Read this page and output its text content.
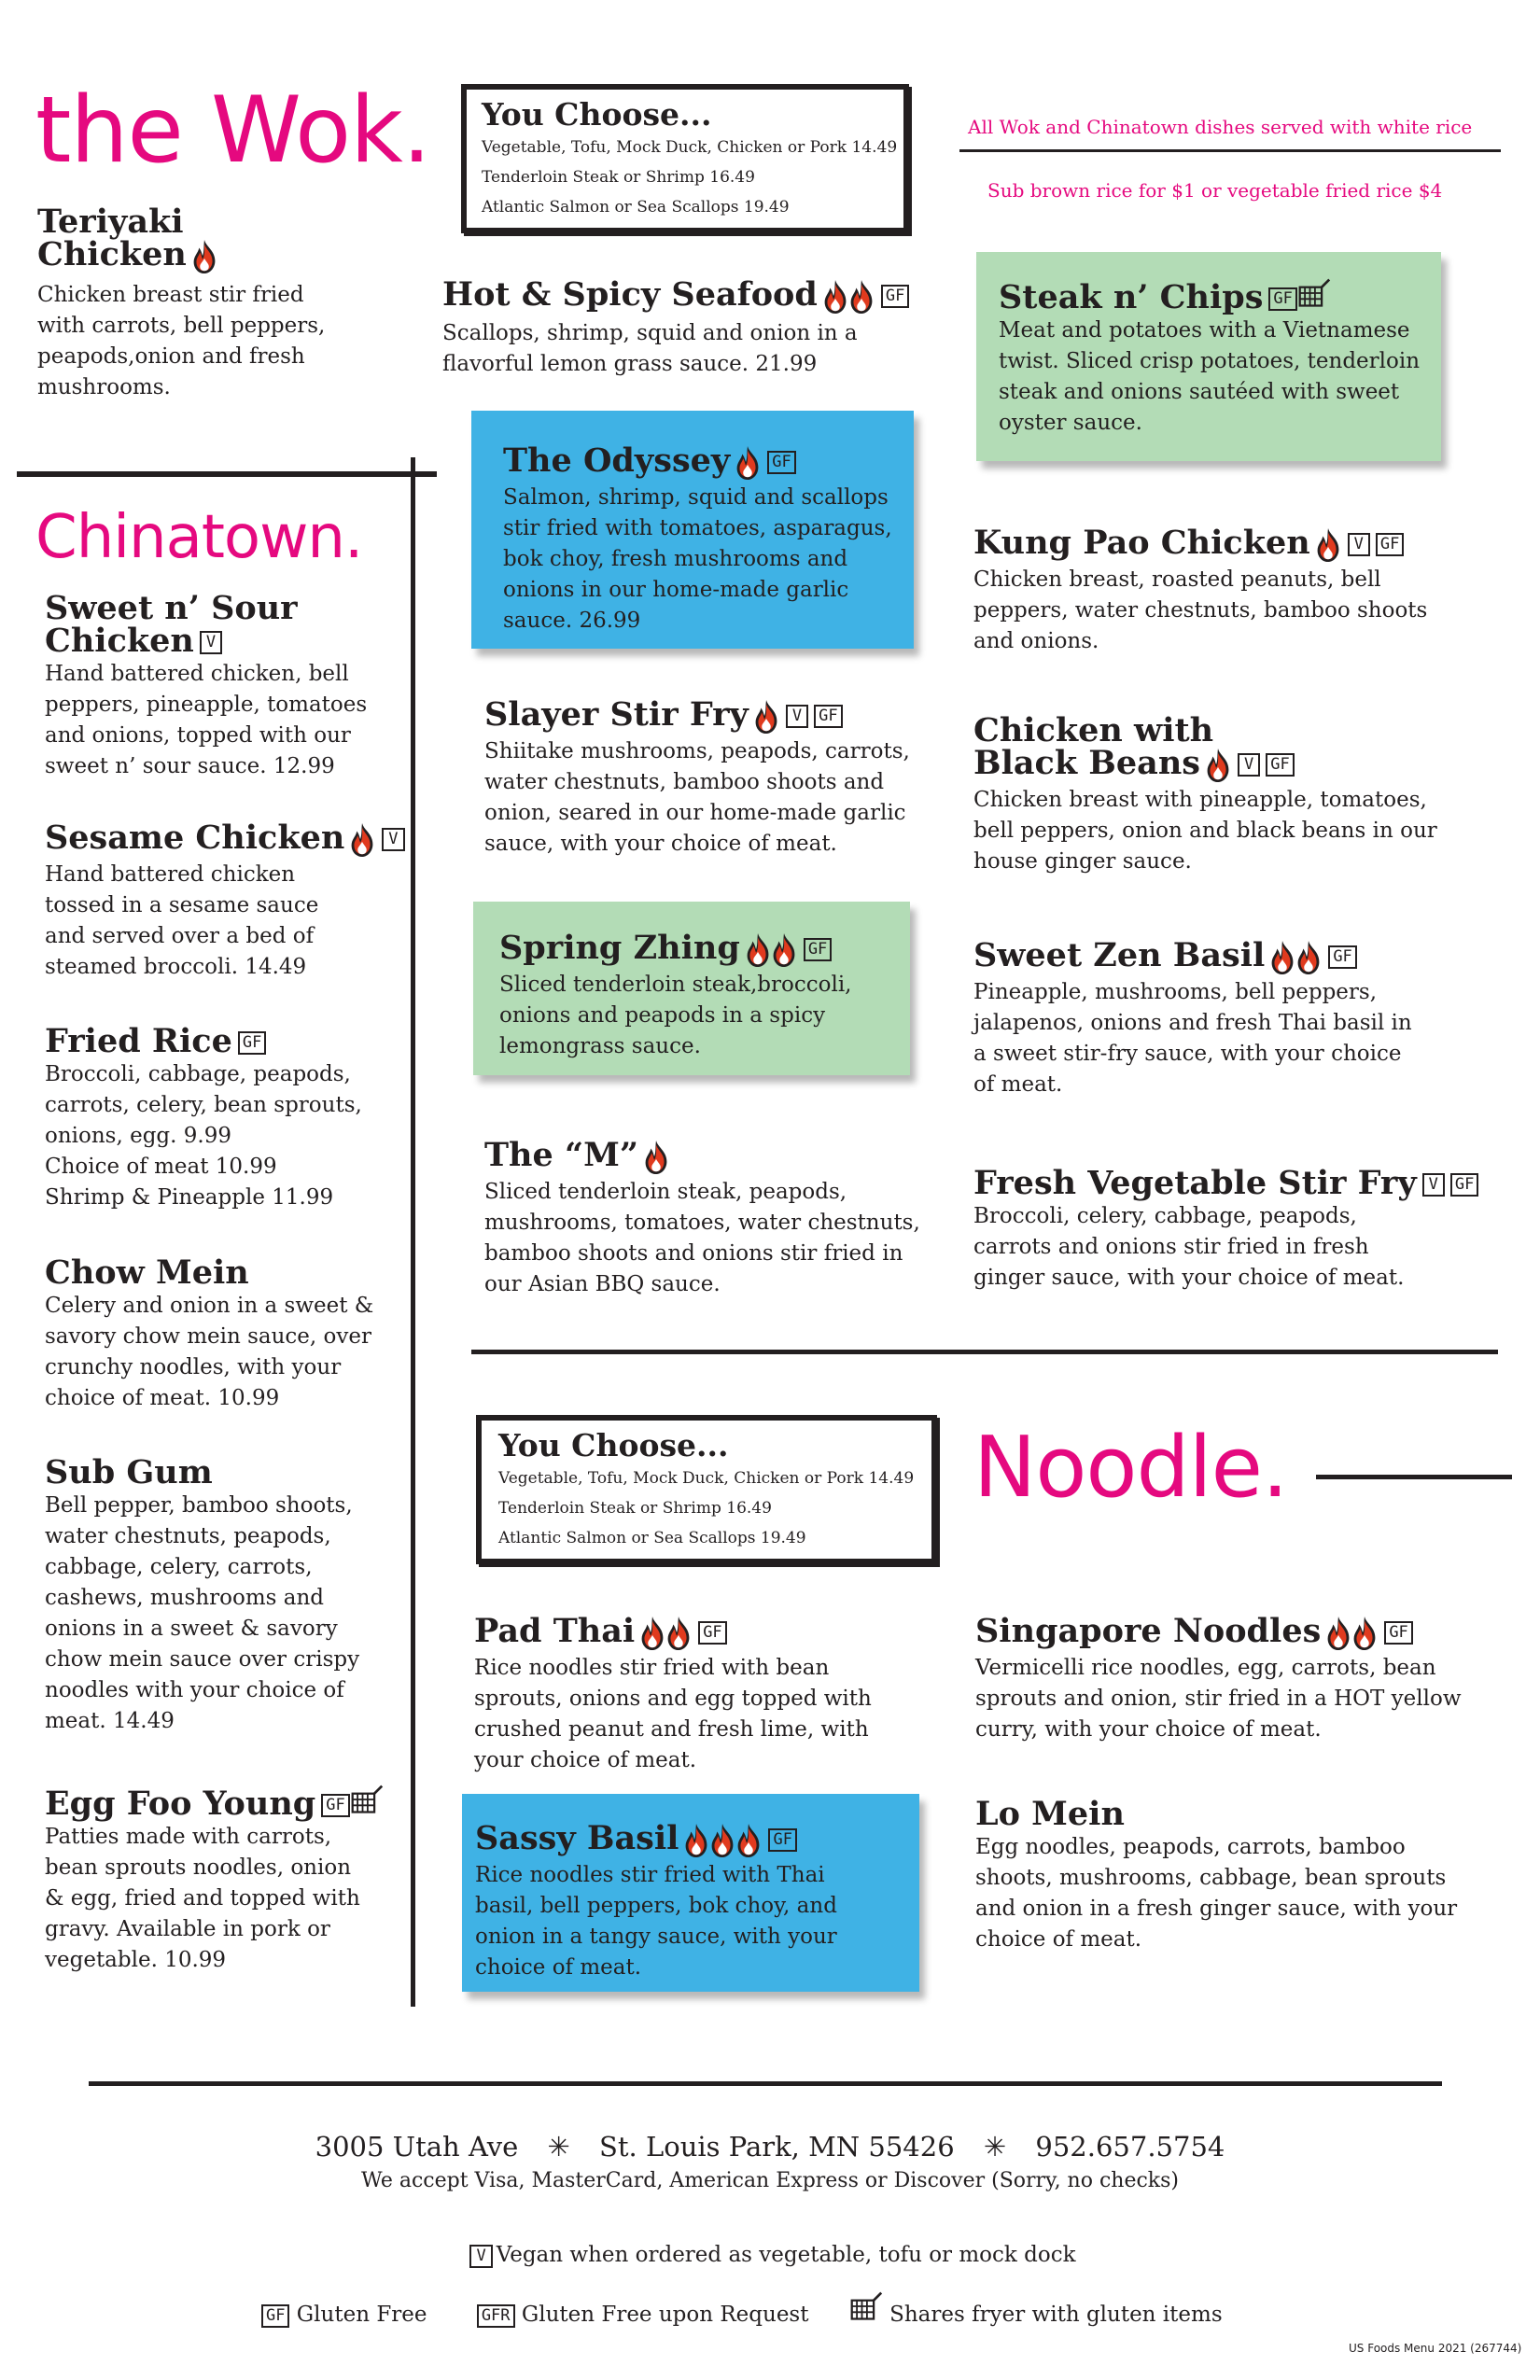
the Wok.
Teriyaki
Chicken
Chicken breast stir fried with carrots, bell peppers, peapods,onion and fresh mushrooms.
You Choose...

Vegetable, Tofu, Mock Duck, Chicken or Pork 14.49

Tenderloin Steak or Shrimp 16.49

Atlantic Salmon or Sea Scallops 19.49

All Wok and Chinatown dishes served with white rice
Sub brown rice for $1 or vegetable fried rice $4
Hot & Spicy Seafood	GF
Scallops, shrimp, squid and onion in a flavorful lemon grass sauce. 21.99
The Odyssey	GF
Salmon, shrimp, squid and scallops stir fried with tomatoes, asparagus, bok choy, fresh mushrooms and onions in our home-made garlic sauce. 26.99
Slayer Stir Fry	V GF
Shiitake mushrooms, peapods, carrots, water chestnuts, bamboo shoots and onion, seared in our home-made garlic sauce, with your choice of meat.
Spring Zhing	GF
Sliced tenderloin steak,broccoli, onions and peapods in a spicy lemongrass sauce.
The “M”
Sliced tenderloin steak, peapods, mushrooms, tomatoes, water chestnuts, bamboo shoots and onions stir fried in our Asian BBQ sauce.
Steak n’ Chips GF
Meat and potatoes with a Vietnamese twist. Sliced crisp potatoes, tenderloin steak and onions sautéed with sweet oyster sauce.
Kung Pao Chicken	V GF
Chicken breast, roasted peanuts, bell peppers, water chestnuts, bamboo shoots and onions.
Chicken with
Black Beans	V GF
Chicken breast with pineapple, tomatoes, bell peppers, onion and black beans in our house ginger sauce.
Sweet Zen Basil	GF
Pineapple, mushrooms, bell peppers, jalapenos, onions and fresh Thai basil in a sweet stir-fry sauce, with your choice of meat.
Fresh Vegetable Stir Fry V GF
Broccoli, celery, cabbage, peapods, carrots and onions stir fried in fresh ginger sauce, with your choice of meat.
Chinatown.
Sweet n’ Sour
Chicken V
Hand battered chicken, bell peppers, pineapple, tomatoes and onions, topped with our sweet n’ sour sauce. 12.99
Sesame Chicken	V
Hand battered chicken tossed in a sesame sauce and served over a bed of steamed broccoli. 14.49
Fried Rice GF
Broccoli, cabbage, peapods, carrots, celery, bean sprouts, onions, egg. 9.99
Choice of meat 10.99
Shrimp & Pineapple 11.99
Chow Mein
Celery and onion in a sweet & savory chow mein sauce, over crunchy noodles, with your choice of meat. 10.99
Sub Gum
Bell pepper, bamboo shoots, water chestnuts, peapods, cabbage, celery, carrots, cashews, mushrooms and onions in a sweet & savory chow mein sauce over crispy noodles with your choice of meat. 14.49
Egg Foo Young GF
Patties made with carrots, bean sprouts noodles, onion & egg, fried and topped with gravy. Available in pork or vegetable. 10.99
You Choose...

Vegetable, Tofu, Mock Duck, Chicken or Pork 14.49

Tenderloin Steak or Shrimp 16.49

Atlantic Salmon or Sea Scallops 19.49

Noodle.
Pad Thai	GF
Rice noodles stir fried with bean sprouts, onions and egg topped with crushed peanut and fresh lime, with your choice of meat.
Sassy Basil	GF
Rice noodles stir fried with Thai basil, bell peppers, bok choy, and onion in a tangy sauce, with your choice of meat.
Singapore Noodles	GF
Vermicelli rice noodles, egg, carrots, bean sprouts and onion, stir fried in a HOT yellow curry, with your choice of meat.
Lo Mein
Egg noodles, peapods, carrots, bamboo shoots, mushrooms, cabbage, bean sprouts and onion in a fresh ginger sauce, with your choice of meat.
3005 Utah Ave ✳ St. Louis Park, MN 55426 ✳ 952.657.5754
We accept Visa, MasterCard, American Express or Discover (Sorry, no checks)
V Vegan when ordered as vegetable, tofu or mock dock
GF Gluten Free	GFR Gluten Free upon Request	Shares fryer with gluten items
US Foods Menu 2021 (267744)
